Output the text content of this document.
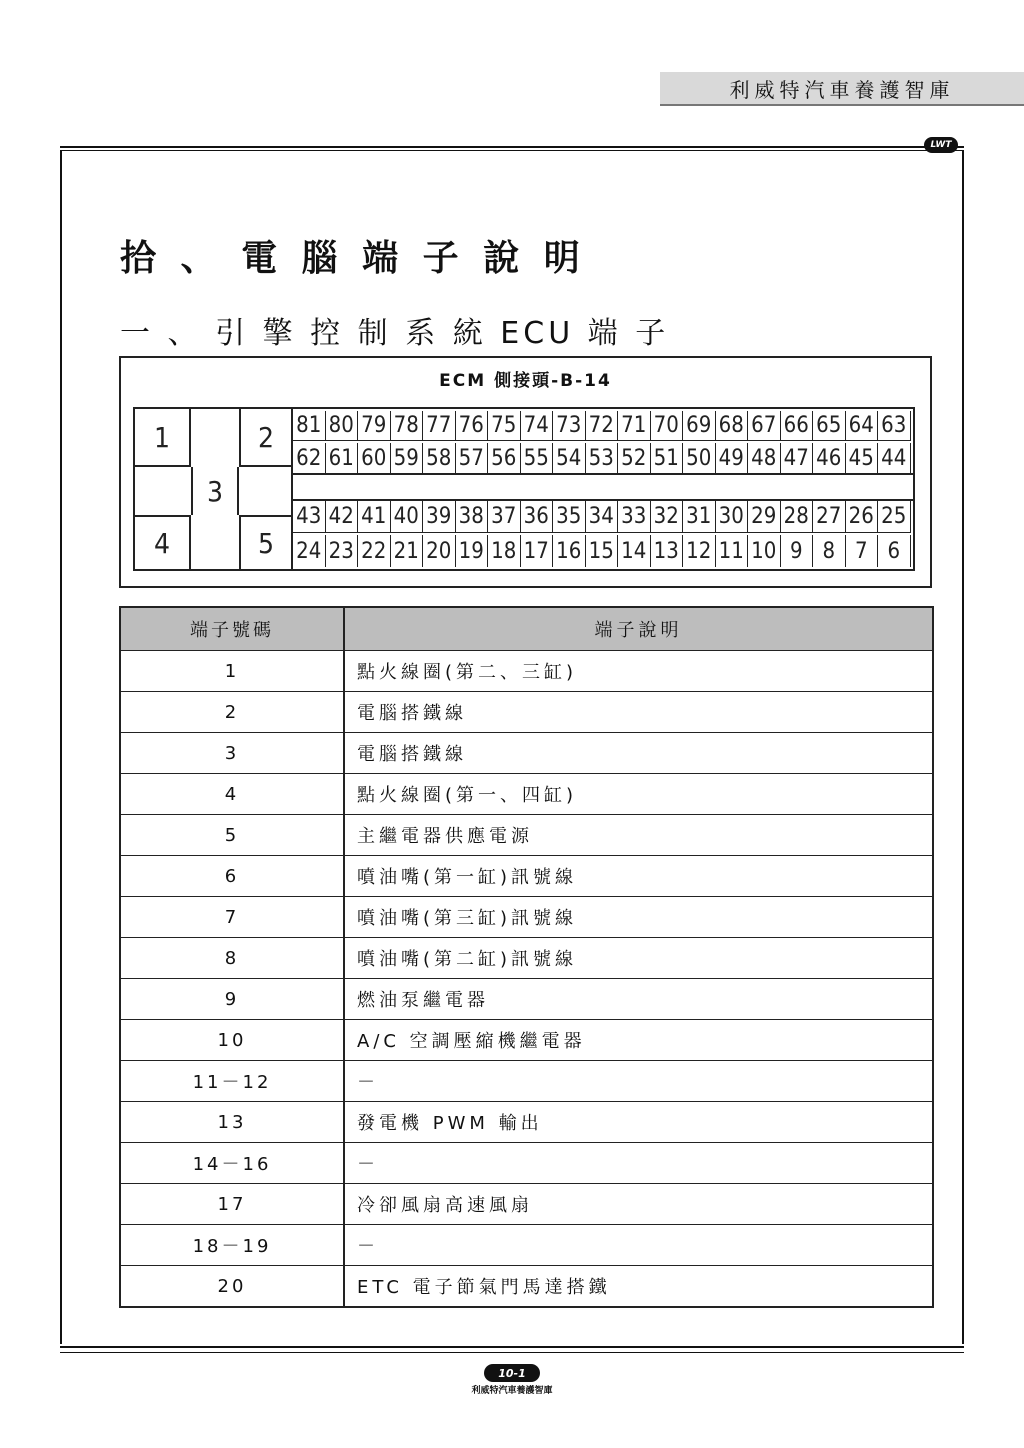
利威特汽車養護智庫
LWT
拾 、 電 腦 端 子 說 明
一 、 引 擎 控 制 系 統 ECU 端 子
ECM 側接頭-B-14
1	2
3
4	5
81 80 79 78 77 76 75 74 73 72 71 70 69 68 67 66 65 64 63
62 61 60 59 58 57 56 55 54 53 52 51 50 49 48 47 46 45 44
43 42 41 40 39 38 37 36 35 34 33 32 31 30 29 28 27 26 25
24 23 22 21 20 19 18 17 16 15 14 13 12 11 10 9 8 7 6
端子號碼	端子說明
1	點火線圈(第二、三缸)
2	電腦搭鐵線
3	電腦搭鐵線
4	點火線圈(第一、四缸)
5	主繼電器供應電源
6	噴油嘴(第一缸)訊號線
7	噴油嘴(第三缸)訊號線
8	噴油嘴(第二缸)訊號線
9	燃油泵繼電器
10	A/C 空調壓縮機繼電器
11－12	－
13	發電機 PWM 輸出
14－16	－
17	冷卻風扇高速風扇
18－19	－
20	ETC 電子節氣門馬達搭鐵
10-1
利威特汽車養護智庫
